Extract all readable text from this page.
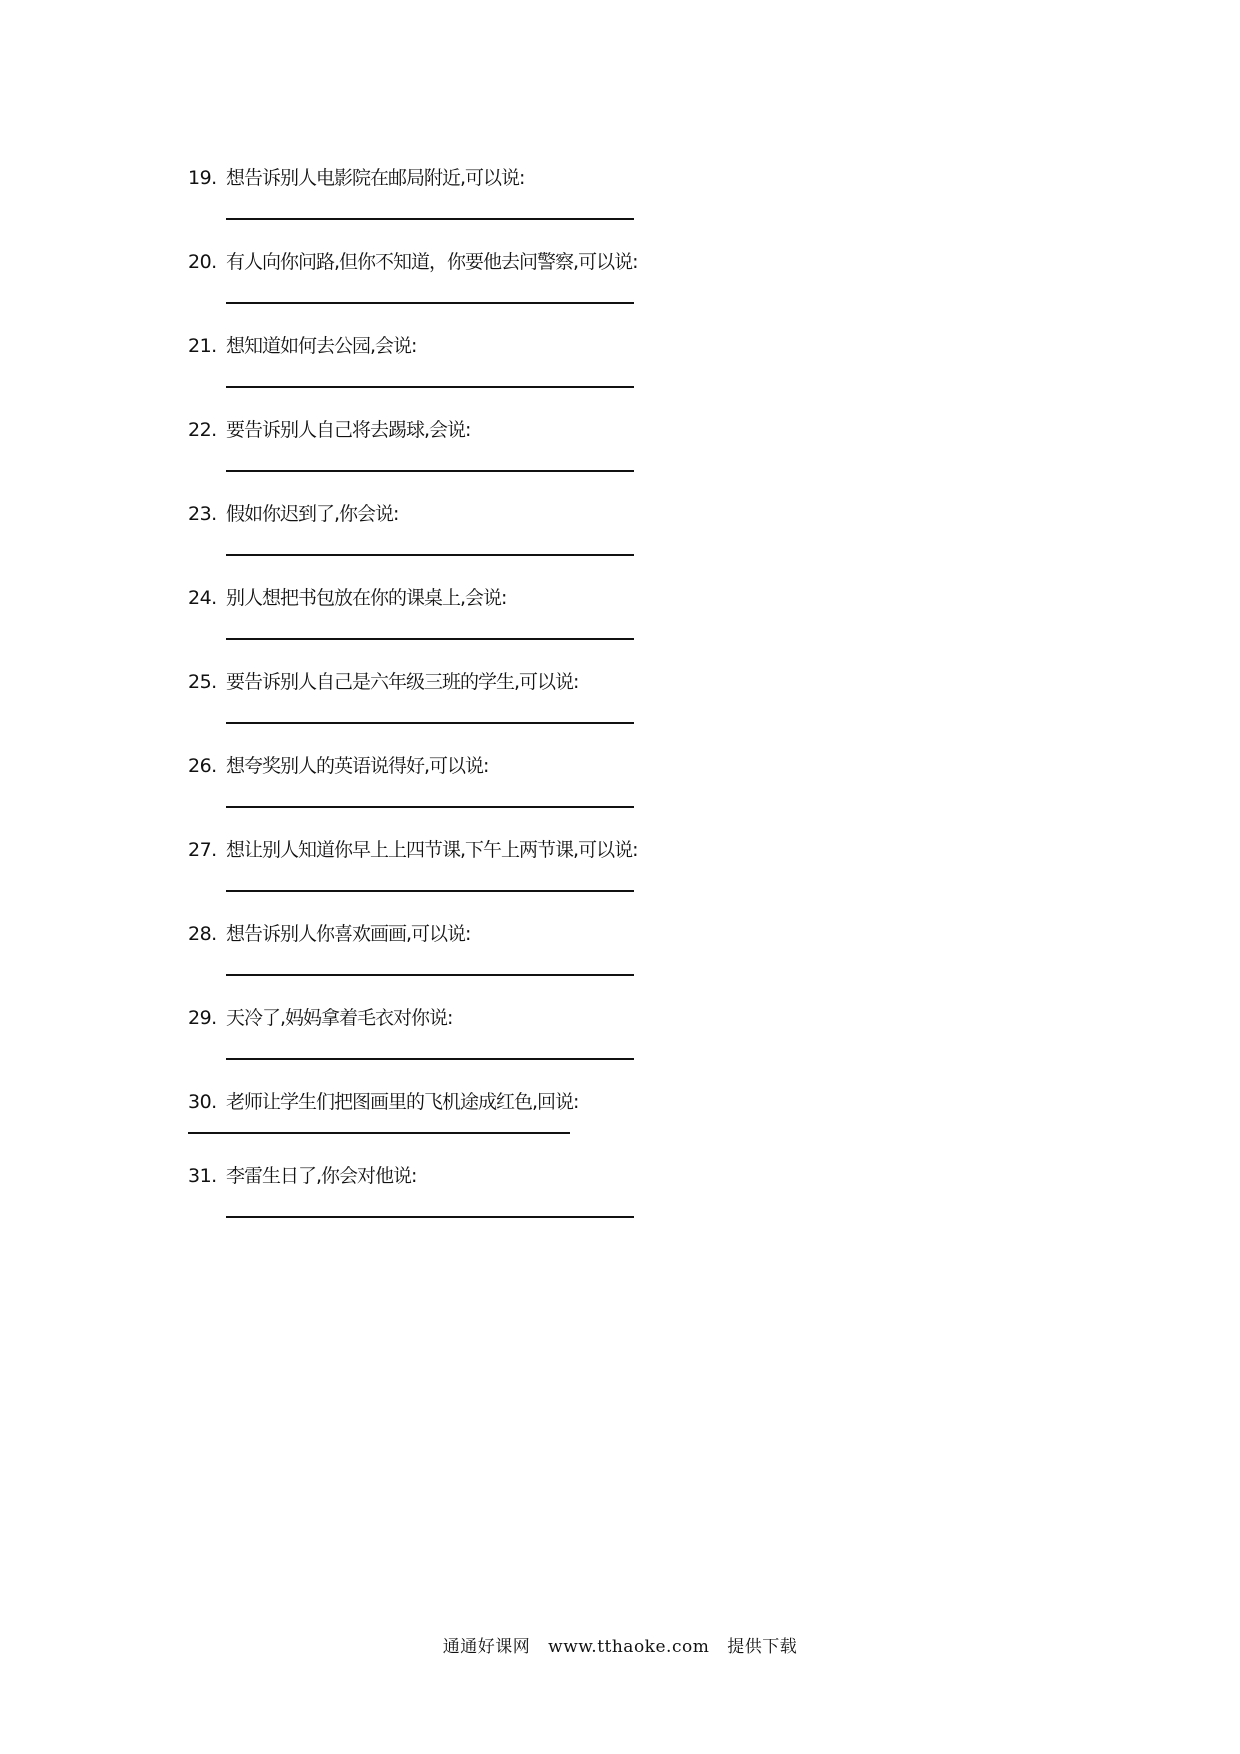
19. 想告诉别人电影院在邮局附近,可以说:
20. 有人向你问路,但你不知道，你要他去问警察,可以说:
21. 想知道如何去公园,会说:
22. 要告诉别人自己将去踢球,会说:
23. 假如你迟到了,你会说:
24. 别人想把书包放在你的课桌上,会说:
25. 要告诉别人自己是六年级三班的学生,可以说:
26. 想夸奖别人的英语说得好,可以说:
27. 想让别人知道你早上上四节课,下午上两节课,可以说:
28. 想告诉别人你喜欢画画,可以说:
29. 天冷了,妈妈拿着毛衣对你说:
30. 老师让学生们把图画里的飞机途成红色,回说:
31. 李雷生日了,你会对他说:
通通好课网 www.tthaoke.com 提供下载
